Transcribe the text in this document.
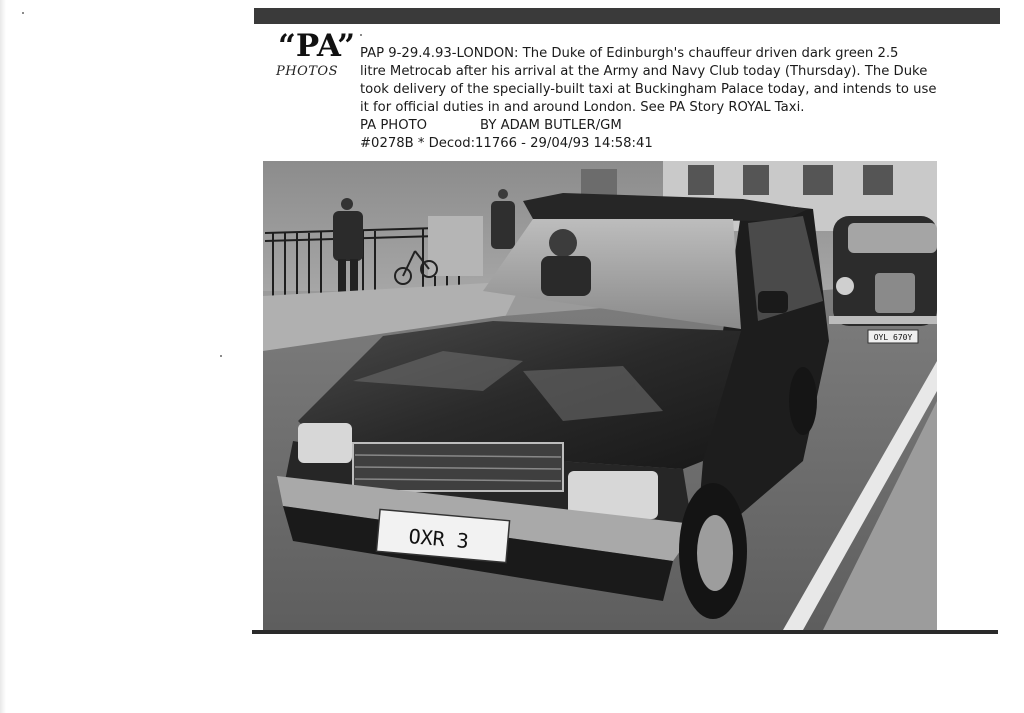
“PA”
PHOTOS

PAP 9-29.4.93-LONDON: The Duke of Edinburgh's chauffeur driven dark green 2.5

litre Metrocab after his arrival at the Army and Navy Club today (Thursday). The Duke

took delivery of the specially-built taxi at Buckingham Palace today, and intends to use

it for official duties in and around London. See PA Story ROYAL Taxi.

PA PHOTO	BY ADAM BUTLER/GM

#0278B * Decod:11766 - 29/04/93 14:58:41

OYL 670Y
OXR 3
